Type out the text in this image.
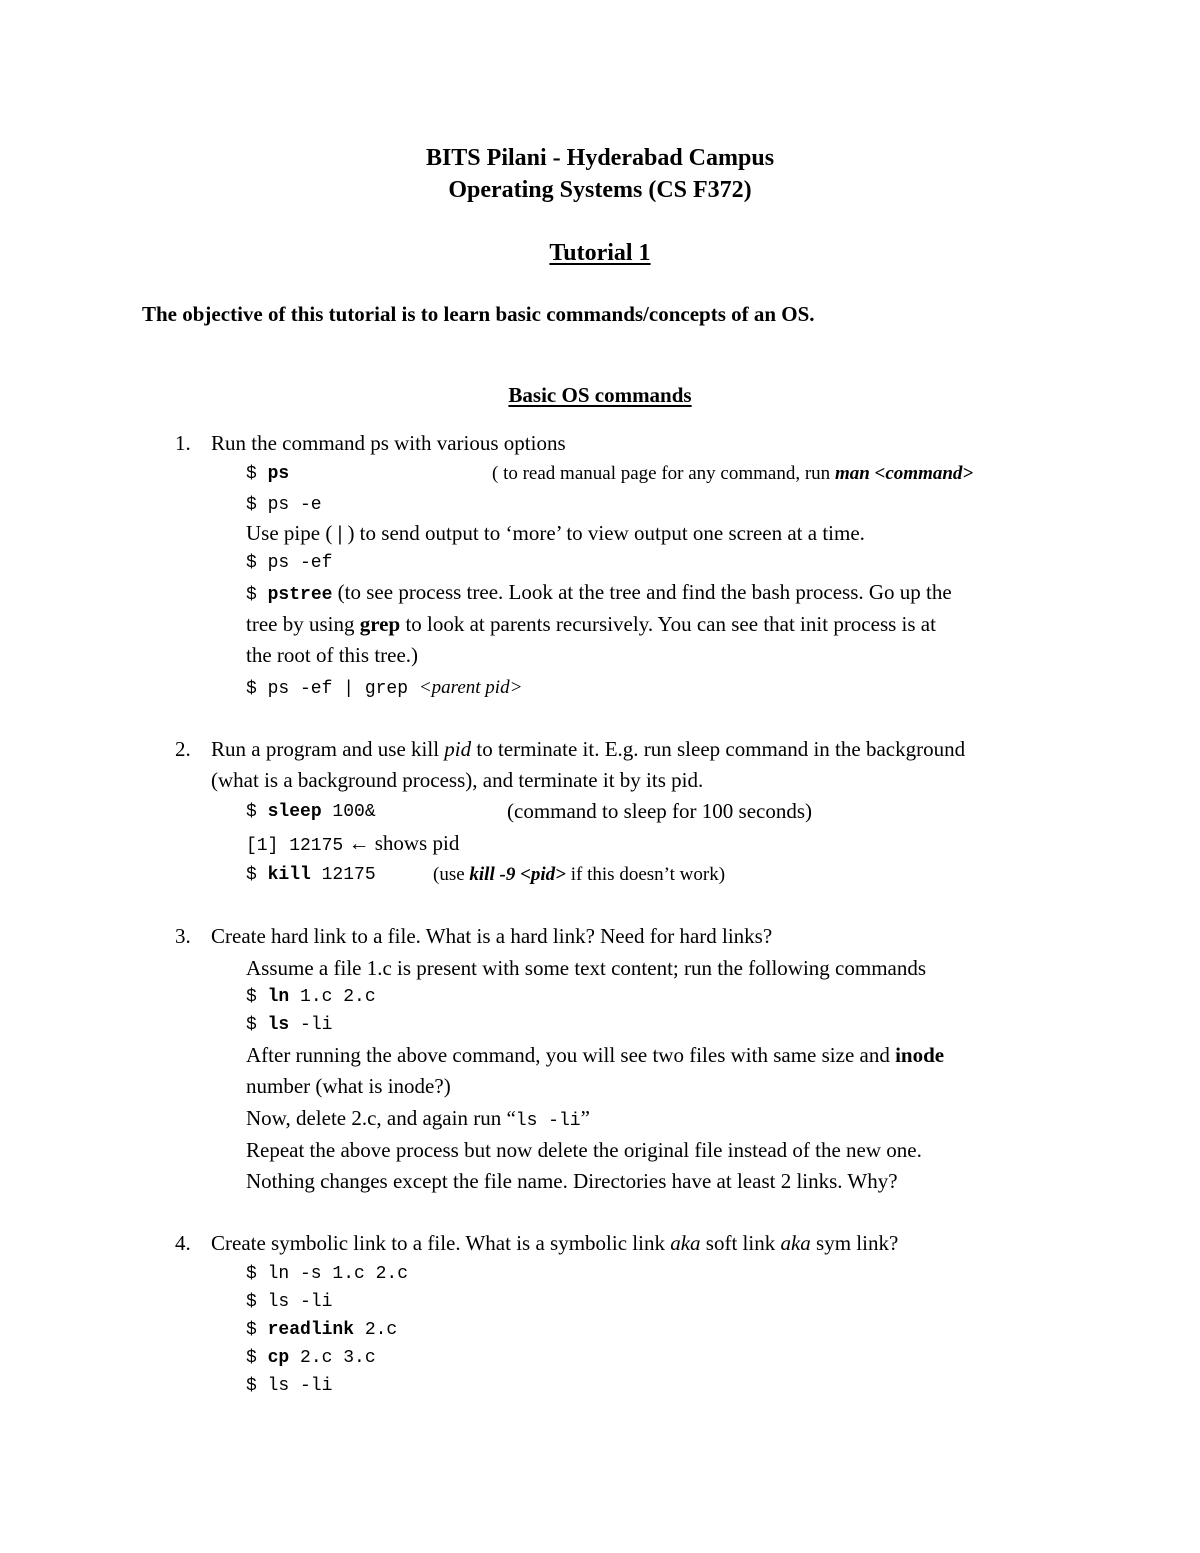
BITS Pilani - Hyderabad Campus
Operating Systems (CS F372)
Tutorial 1
The objective of this tutorial is to learn basic commands/concepts of an OS.
Basic OS commands
1. Run the command ps with various options
$ ps	( to read manual page for any command, run man <command>
$ ps -e
Use pipe ( | ) to send output to ‘more’ to view output one screen at a time.
$ ps -ef
$ pstree (to see process tree. Look at the tree and find the bash process. Go up the
tree by using grep to look at parents recursively. You can see that init process is at
the root of this tree.)
$ ps -ef | grep <parent pid>
2. Run a program and use kill pid to terminate it. E.g. run sleep command in the background
(what is a background process), and terminate it by its pid.
$ sleep 100&	(command to sleep for 100 seconds)
[1] 12175 ← shows pid
$ kill 12175	(use kill -9 <pid> if this doesn’t work)
3. Create hard link to a file. What is a hard link? Need for hard links?
Assume a file 1.c is present with some text content; run the following commands
$ ln 1.c 2.c
$ ls -li
After running the above command, you will see two files with same size and inode
number (what is inode?)
Now, delete 2.c, and again run “ls -li”
Repeat the above process but now delete the original file instead of the new one.
Nothing changes except the file name. Directories have at least 2 links. Why?
4. Create symbolic link to a file. What is a symbolic link aka soft link aka sym link?
$ ln -s 1.c 2.c
$ ls -li
$ readlink 2.c
$ cp 2.c 3.c
$ ls -li
